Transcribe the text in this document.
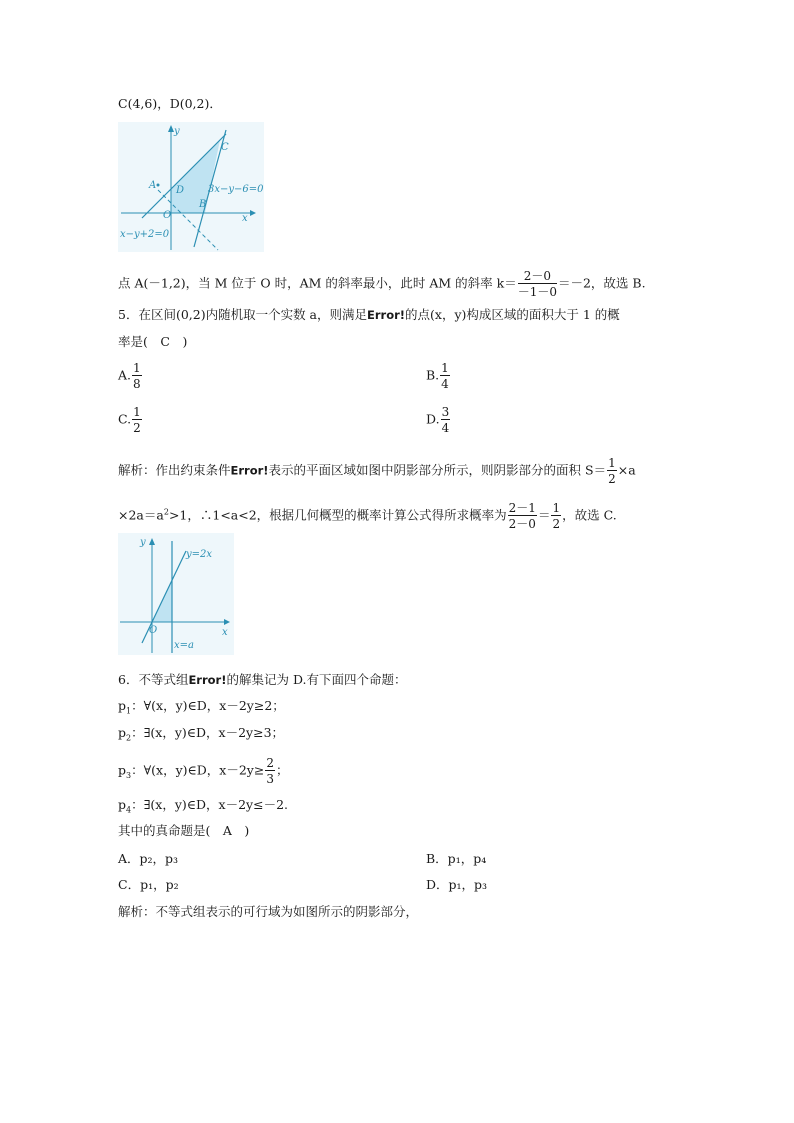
C(4,6)，D(0,2)．
y
x
C
A D
O
B
3x−y−6=0
x−y+2=0
点 A(－1,2)，当 M 位于 O 时，AM 的斜率最小，此时 AM 的斜率 $k= \frac{2-0}{-1-0} =-2$，故选 B.
5．在区间(0,2)内随机取一个实数 a，则满足Error!的点(x，y)构成区域的面积大于 1 的概
率是(　C　)
A. $\frac{1}{8}$	B. $\frac{1}{4}$
C. $\frac{1}{2}$	D. $\frac{3}{4}$
解析：作出约束条件Error!表示的平面区域如图中阴影部分所示，则阴影部分的面积 $S= \frac{1}{2} \times a$
$\times 2a=a^2>1$，∴1<a<2，根据几何概型的概率计算公式得所求概率为 $\frac{2-1}{2-0} = \frac{1}{2}$ ，故选 C.
y
x
O
y=2x
x=a
6．不等式组Error!的解集记为 D.有下面四个命题：
$p_1$：∀(x，y)∈D，x－2y≥2；
$p_2$：∃(x，y)∈D，x－2y≥3；
$p_3$：∀(x，y)∈D，$x-2y\ge \frac{2}{3}$ ；
$p_4$：∃(x，y)∈D，x－2y≤－2.
其中的真命题是(　A　)
A．p₂，p₃	B．p₁，p₄
C．p₁，p₂	D．p₁，p₃
解析：不等式组表示的可行域为如图所示的阴影部分，
